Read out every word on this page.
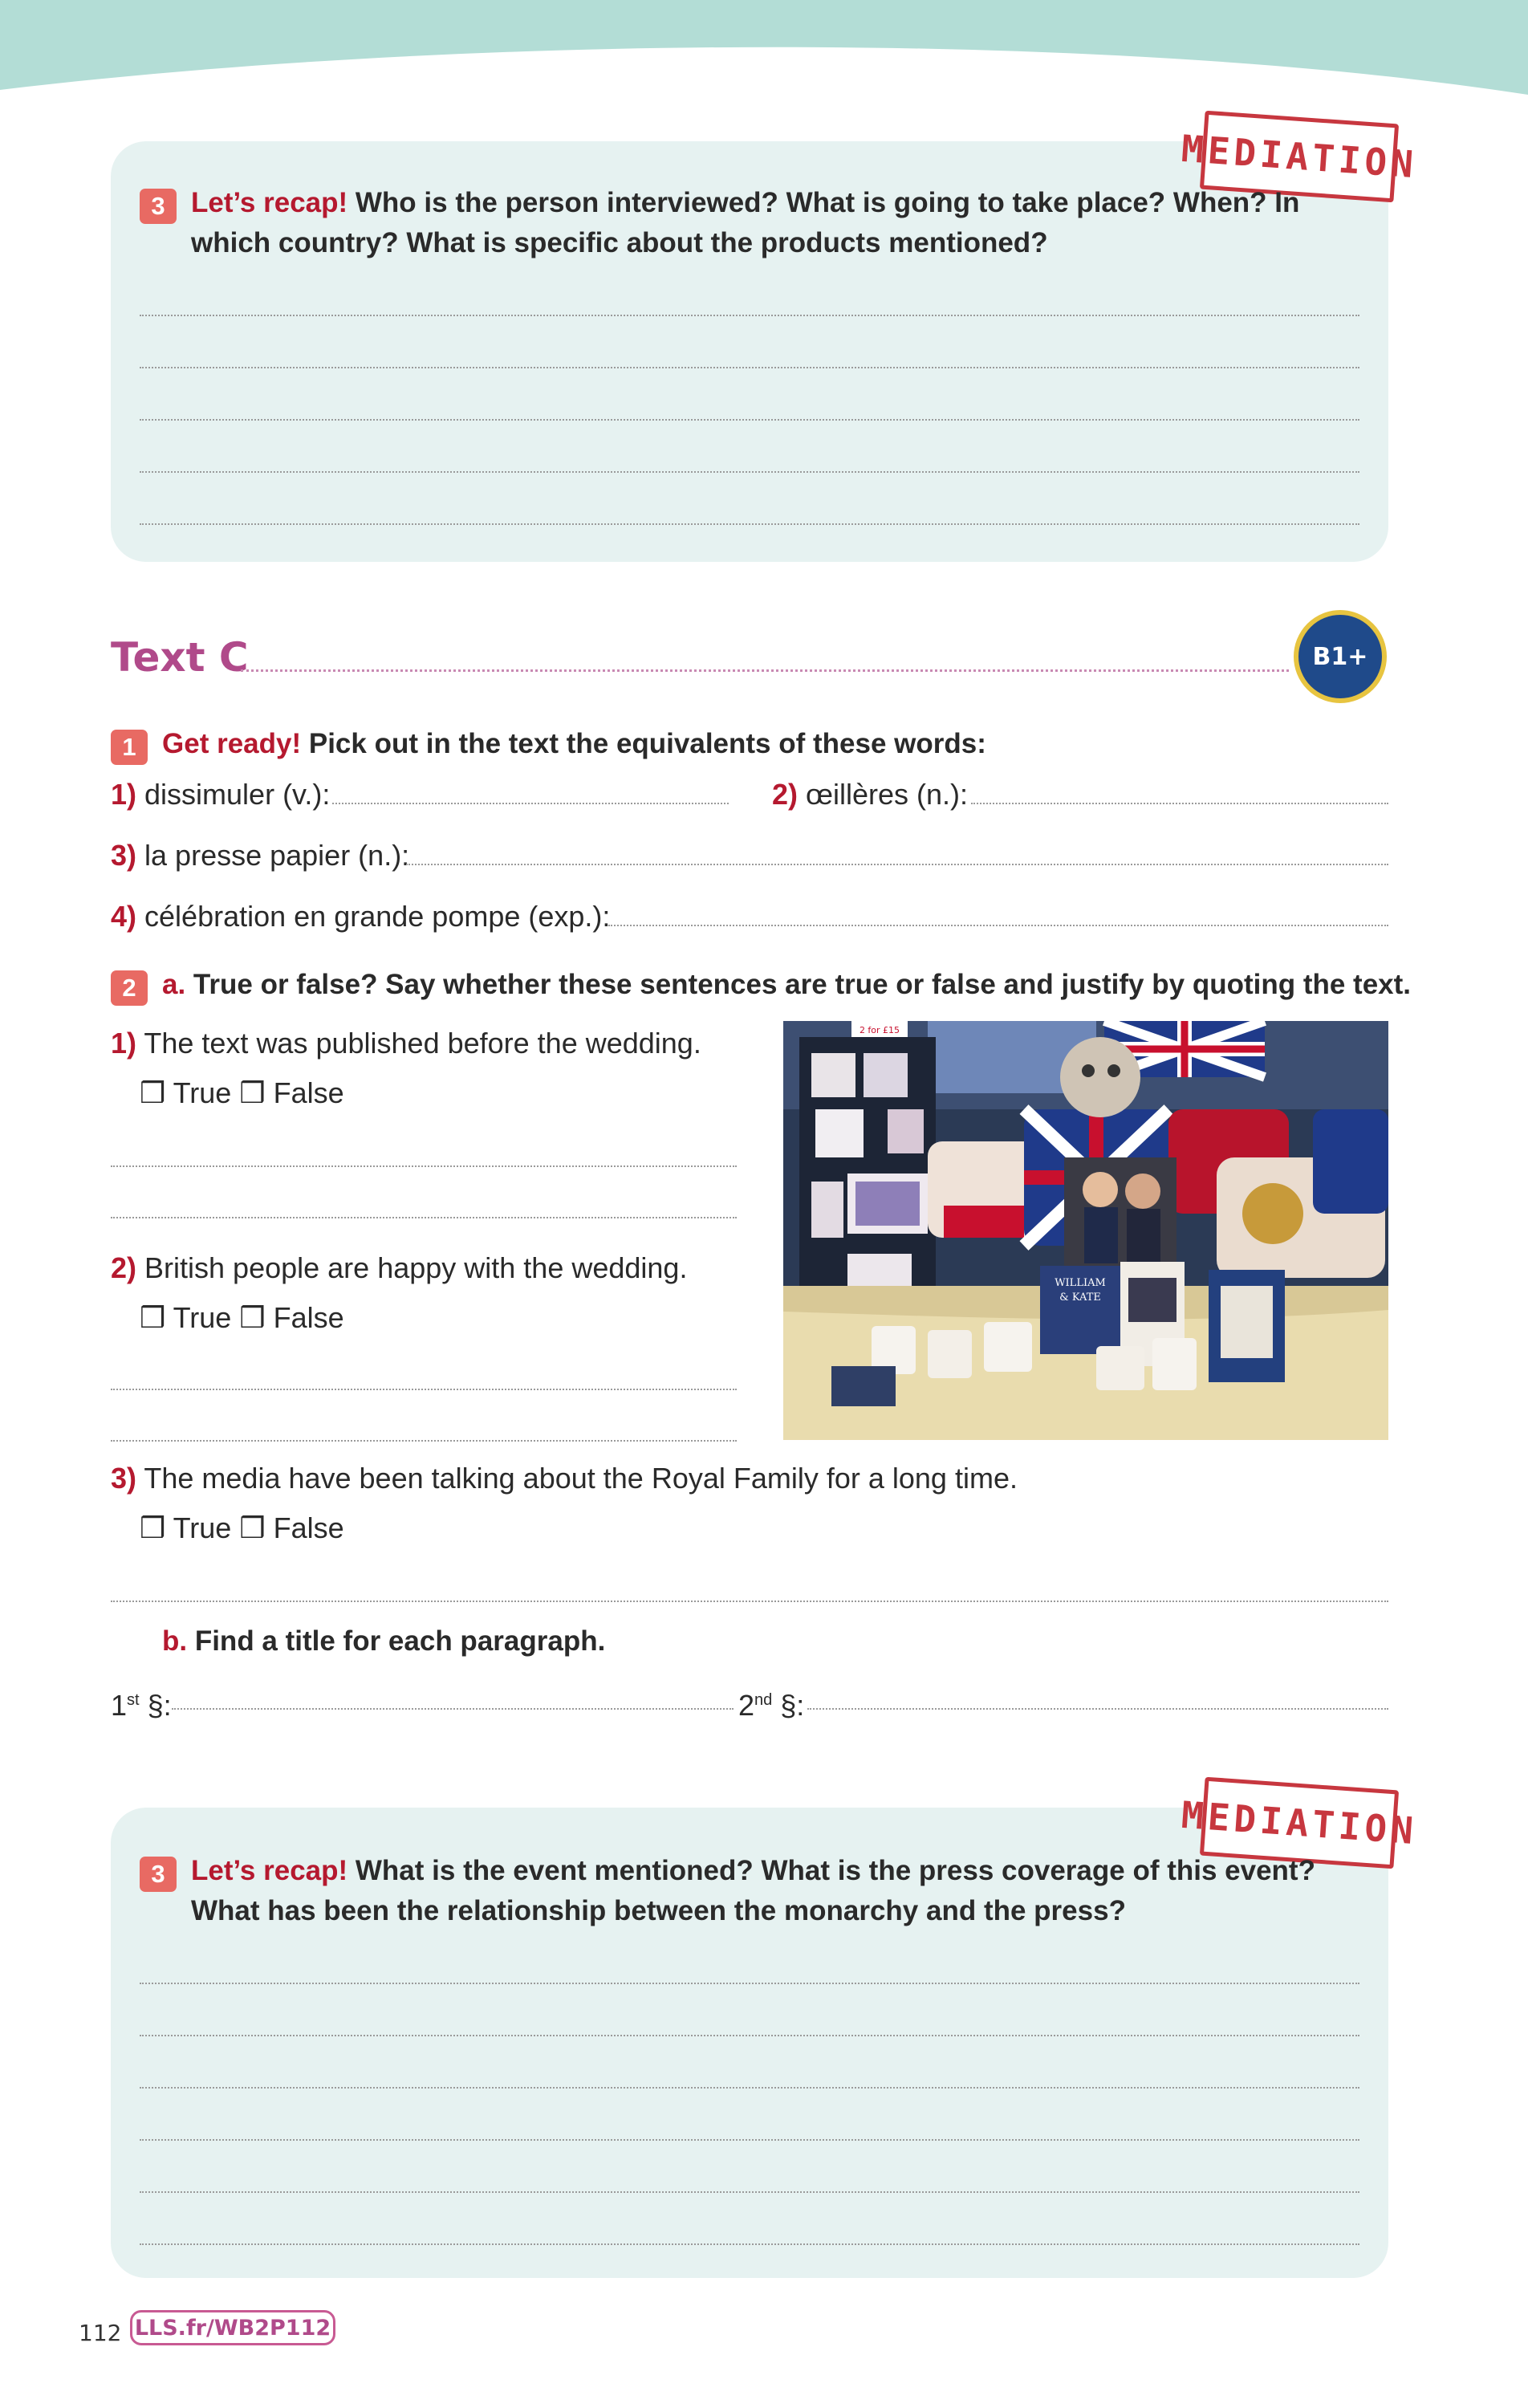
MEDIATION
3 Let’s recap! Who is the person interviewed? What is going to take place? When? In which country? What is specific about the products mentioned?
Text C	B1+
1 Get ready! Pick out in the text the equivalents of these words:
1) dissimuler (v.):	2) œillères (n.):
3) la presse papier (n.):
4) célébration en grande pompe (exp.):
2 a. True or false? Say whether these sentences are true or false and justify by quoting the text.
1) The text was published before the wedding.
❒ True ❒ False
2) British people are happy with the wedding.
❒ True ❒ False
2 for £15
WILLIAM
& KATE
3) The media have been talking about the Royal Family for a long time.
❒ True ❒ False
b. Find a title for each paragraph.
1st §:	2nd §:
MEDIATION
3 Let’s recap! What is the event mentioned? What is the press coverage of this event? What has been the relationship between the monarchy and the press?
112 LLS.fr/WB2P112
